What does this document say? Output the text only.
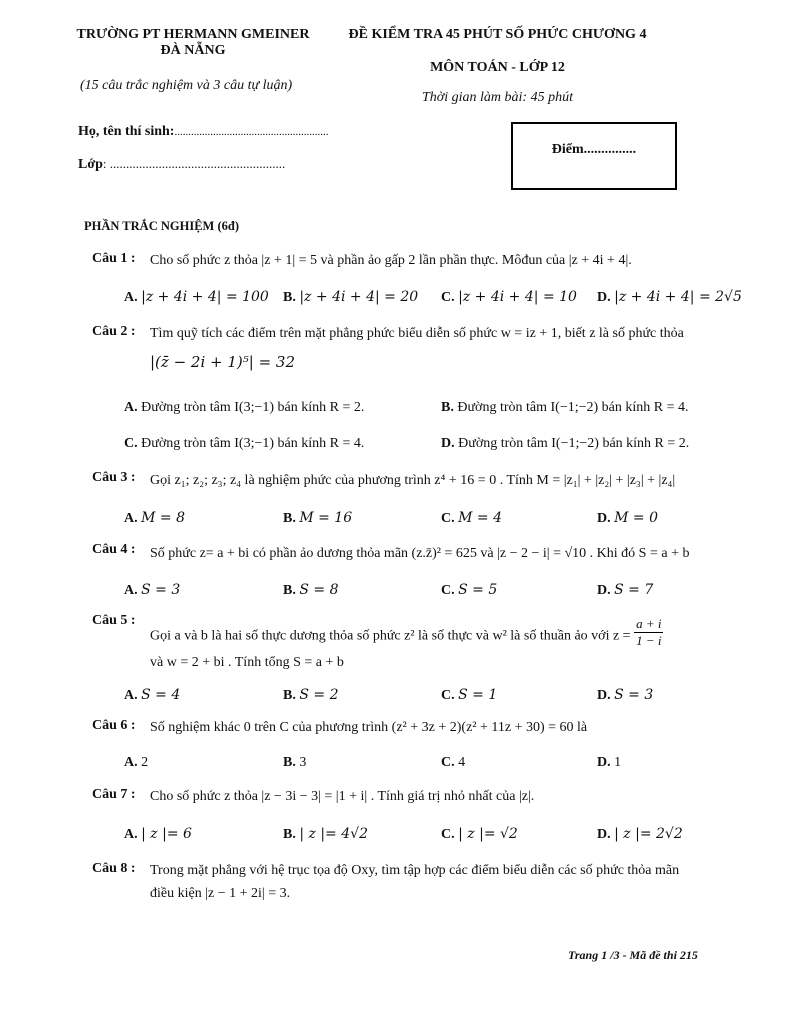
TRƯỜNG PT HERMANN GMEINER
ĐÀ NẴNG
(15 câu trắc nghiệm và 3 câu tự luận)
ĐỀ KIỂM TRA 45 PHÚT SỐ PHỨC CHƯƠNG 4
MÔN TOÁN - LỚP 12
Thời gian làm bài: 45 phút
Họ, tên thí sinh:........................................................
Lớp: ......................................................
Điểm...............
PHẦN TRẮC NGHIỆM (6đ)
Câu 1 : Cho số phức z thỏa |z + 1| = 5 và phần ảo gấp 2 lần phần thực. Môđun của |z + 4i + 4|.
A. |z + 4i + 4| = 100 B. |z + 4i + 4| = 20 C. |z + 4i + 4| = 10 D. |z + 4i + 4| = 2√5
Câu 2 : Tìm quỹ tích các điểm trên mặt phẳng phức biểu diễn số phức w = iz + 1, biết z là số phức thỏa
|(z̄ − 2i + 1)⁵| = 32
A. Đường tròn tâm I(3;−1) bán kính R = 2.	B. Đường tròn tâm I(−1;−2) bán kính R = 4.
C. Đường tròn tâm I(3;−1) bán kính R = 4.	D. Đường tròn tâm I(−1;−2) bán kính R = 2.
Câu 3 : Gọi z₁; z₂; z₃; z₄ là nghiệm phức của phương trình z⁴ + 16 = 0 . Tính M = |z₁| + |z₂| + |z₃| + |z₄|
A. M = 8	B. M = 16	C. M = 4	D. M = 0
Câu 4 : Số phức z= a + bi có phần ảo dương thỏa mãn (z.z̄)² = 625 và |z − 2 − i| = √10 . Khi đó S = a + b
A. S = 3	B. S = 8	C. S = 5	D. S = 7
Câu 5 :
Gọi a và b là hai số thực dương thỏa số phức z² là số thực và w² là số thuần ảo với $z = \frac{a + i}{1 - i}$
và w = 2 + bi . Tính tổng S = a + b
A. S = 4	B. S = 2	C. S = 1	D. S = 3
Câu 6 : Số nghiệm khác 0 trên C của phương trình (z² + 3z + 2)(z² + 11z + 30) = 60 là
A. 2	B. 3	C. 4	D. 1
Câu 7 : Cho số phức z thỏa |z − 3i − 3| = |1 + i| . Tính giá trị nhỏ nhất của |z|.
A. | z |= 6	B. | z |= 4√2	C. | z |= √2	D. | z |= 2√2
Câu 8 : Trong mặt phẳng với hệ trục tọa độ Oxy, tìm tập hợp các điểm biểu diễn các số phức thỏa mãn
điều kiện |z − 1 + 2i| = 3.
Trang 1 /3 - Mã đề thi 215
